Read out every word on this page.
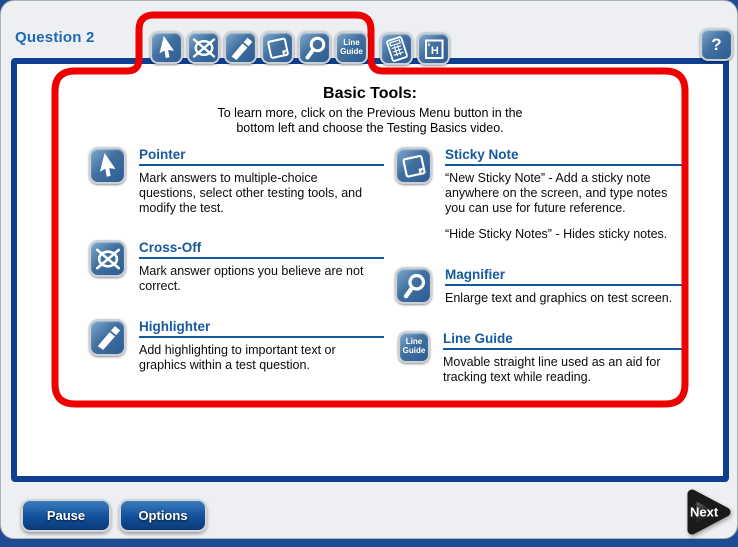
Question 2	Line
Guide	H	?
Basic Tools:
To learn more, click on the Previous Menu button in the
bottom left and choose the Testing Basics video.
Pointer

Mark answers to multiple-choice questions, select other testing tools, and modify the test.

Cross-Off

Mark answer options you believe are not correct.

Highlighter

Add highlighting to important text or graphics within a test question.

Sticky Note

“New Sticky Note” - Add a sticky note anywhere on the screen, and type notes you can use for future reference.

“Hide Sticky Notes” - Hides sticky notes.

Magnifier

Enlarge text and graphics on test screen.

Line
Guide
Line Guide

Movable straight line used as an aid for tracking text while reading.

Pause	Options	Next
